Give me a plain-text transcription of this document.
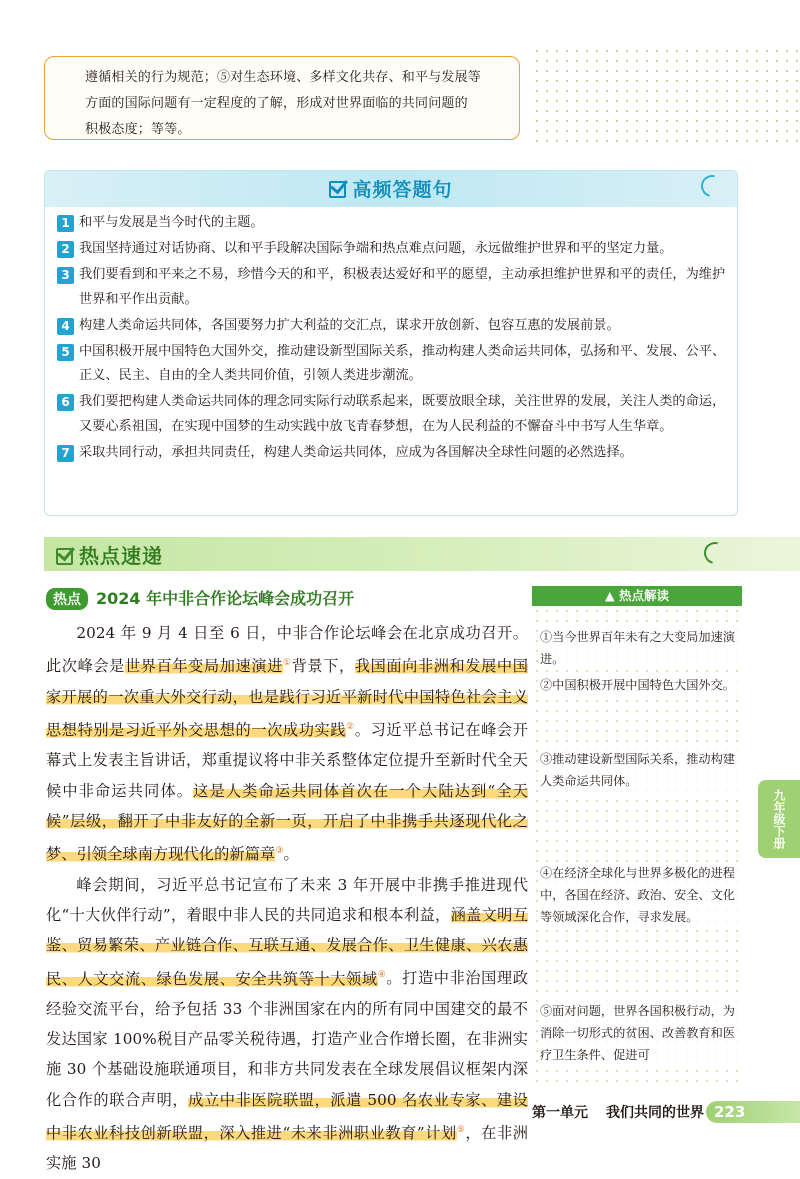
遵循相关的行为规范；⑤对生态环境、多样文化共存、和平与发展等
方面的国际问题有一定程度的了解，形成对世界面临的共同问题的
积极态度；等等。
高频答题句
1 和平与发展是当今时代的主题。
2 我国坚持通过对话协商、以和平手段解决国际争端和热点难点问题，永远做维护世界和平的坚定力量。
3 我们要看到和平来之不易，珍惜今天的和平，积极表达爱好和平的愿望，主动承担维护世界和平的责任，为维护世界和平作出贡献。
4 构建人类命运共同体，各国要努力扩大利益的交汇点，谋求开放创新、包容互惠的发展前景。
5 中国积极开展中国特色大国外交，推动建设新型国际关系，推动构建人类命运共同体，弘扬和平、发展、公平、正义、民主、自由的全人类共同价值，引领人类进步潮流。
6 我们要把构建人类命运共同体的理念同实际行动联系起来，既要放眼全球，关注世界的发展，关注人类的命运，又要心系祖国，在实现中国梦的生动实践中放飞青春梦想，在为人民利益的不懈奋斗中书写人生华章。
7 采取共同行动，承担共同责任，构建人类命运共同体，应成为各国解决全球性问题的必然选择。
热点速递
热点 2024 年中非合作论坛峰会成功召开

2024 年 9 月 4 日至 6 日，中非合作论坛峰会在北京成功召开。此次峰会是世界百年变局加速演进①背景下，我国面向非洲和发展中国家开展的一次重大外交行动，也是践行习近平新时代中国特色社会主义思想特别是习近平外交思想的一次成功实践②。习近平总书记在峰会开幕式上发表主旨讲话，郑重提议将中非关系整体定位提升至新时代全天候中非命运共同体。这是人类命运共同体首次在一个大陆达到“全天候”层级，翻开了中非友好的全新一页，开启了中非携手共逐现代化之梦、引领全球南方现代化的新篇章③。

峰会期间，习近平总书记宣布了未来 3 年开展中非携手推进现代化“十大伙伴行动”，着眼中非人民的共同追求和根本利益，涵盖文明互鉴、贸易繁荣、产业链合作、互联互通、发展合作、卫生健康、兴农惠民、人文交流、绿色发展、安全共筑等十大领域④。打造中非治国理政经验交流平台，给予包括 33 个非洲国家在内的所有同中国建交的最不发达国家 100%税目产品零关税待遇，打造产业合作增长圈，在非洲实施 30 个基础设施联通项目，和非方共同发表在全球发展倡议框架内深化合作的联合声明，成立中非医院联盟，派遣 500 名农业专家、建设中非农业科技创新联盟，深入推进“未来非洲职业教育”计划⑤，在非洲实施 30

▲ 热点解读
①当今世界百年未有之大变局加速演进。
②中国积极开展中国特色大国外交。
③推动建设新型国际关系，推动构建人类命运共同体。
④在经济全球化与世界多极化的进程中，各国在经济、政治、安全、文化等领域深化合作，寻求发展。
⑤面对问题，世界各国积极行动，为消除一切形式的贫困、改善教育和医疗卫生条件、促进可
九年级下册
第一单元 我们共同的世界 223
